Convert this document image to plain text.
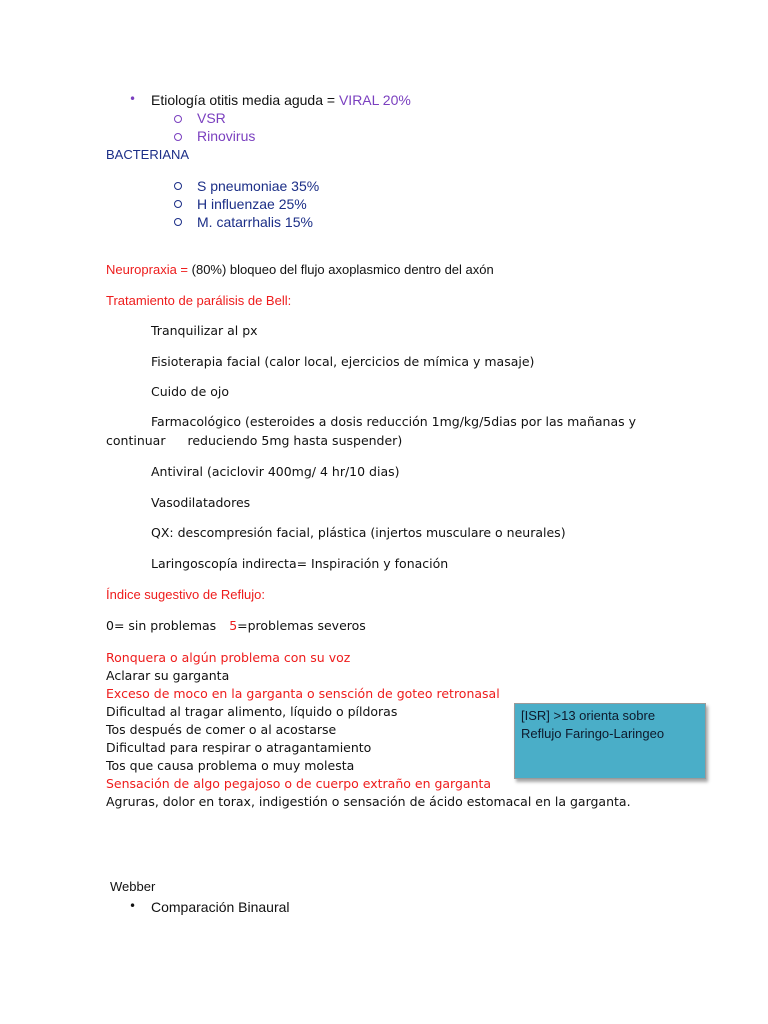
• Etiología otitis media aguda = VIRAL 20%
VSR
Rinovirus
BACTERIANA
S pneumoniae 35%
H influenzae 25%
M. catarrhalis 15%
Neuropraxia = (80%) bloqueo del flujo axoplasmico dentro del axón
Tratamiento de parálisis de Bell:
Tranquilizar al px
Fisioterapia facial (calor local, ejercicios de mímica y masaje)
Cuido de ojo
Farmacológico (esteroides a dosis reducción 1mg/kg/5dias por las mañanas y
continuar reduciendo 5mg hasta suspender)
Antiviral (aciclovir 400mg/ 4 hr/10 dias)
Vasodilatadores
QX: descompresión facial, plástica (injertos musculare o neurales)
Laringoscopía indirecta= Inspiración y fonación
Índice sugestivo de Reflujo:
0= sin problemas 5=problemas severos
Ronquera o algún problema con su voz
Aclarar su garganta
Exceso de moco en la garganta o sensción de goteo retronasal
Dificultad al tragar alimento, líquido o píldoras
Tos después de comer o al acostarse
Dificultad para respirar o atragantamiento
Tos que causa problema o muy molesta
Sensación de algo pegajoso o de cuerpo extraño en garganta
Agruras, dolor en torax, indigestión o sensación de ácido estomacal en la garganta.
[ISR] >13 orienta sobre
Reflujo Faringo-Laringeo
Webber
• Comparación Binaural
